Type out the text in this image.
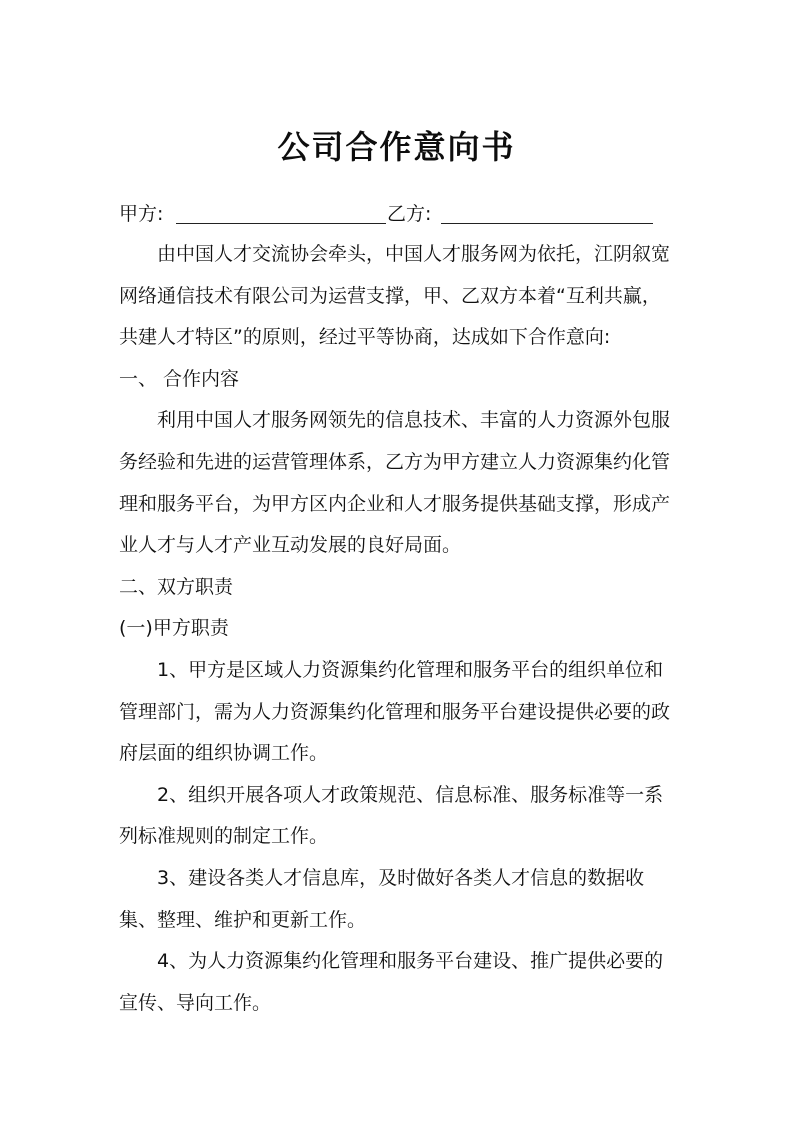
公司合作意向书
甲方:	乙方:

由中国人才交流协会牵头，中国人才服务网为依托，江阴叙宽网络通信技术有限公司为运营支撑，甲、乙双方本着“互利共赢，共建人才特区”的原则，经过平等协商，达成如下合作意向:

一、 合作内容

利用中国人才服务网领先的信息技术、丰富的人力资源外包服务经验和先进的运营管理体系，乙方为甲方建立人力资源集约化管理和服务平台，为甲方区内企业和人才服务提供基础支撑，形成产业人才与人才产业互动发展的良好局面。

二、双方职责

(一)甲方职责

1、甲方是区域人力资源集约化管理和服务平台的组织单位和管理部门，需为人力资源集约化管理和服务平台建设提供必要的政府层面的组织协调工作。

2、组织开展各项人才政策规范、信息标准、服务标准等一系列标准规则的制定工作。

3、建设各类人才信息库，及时做好各类人才信息的数据收集、整理、维护和更新工作。

4、为人力资源集约化管理和服务平台建设、推广提供必要的宣传、导向工作。
